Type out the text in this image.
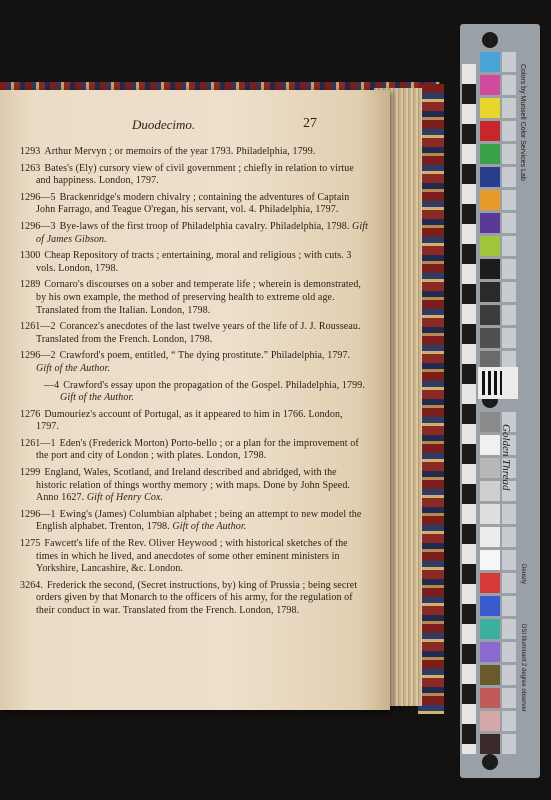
Duodecimo.	27
1293 Arthur Mervyn ; or memoirs of the year 1793. Philadelphia, 1799.
1263 Bates's (Ely) cursory view of civil government ; chiefly in relation to virtue and happiness. London, 1797.
1296—5 Brackenridge's modern chivalry ; containing the adventures of Captain John Farrago, and Teague O'regan, his servant, vol. 4. Philadelphia, 1797.
1296—3 Bye-laws of the first troop of Philadelphia cavalry. Philadelphia, 1798. Gift of James Gibson.
1300 Cheap Repository of tracts ; entertaining, moral and religious ; with cuts. 3 vols. London, 1798.
1289 Cornaro's discourses on a sober and temperate life ; wherein is demonstrated, by his own example, the method of preserving health to extreme old age. Translated from the Italian. London, 1798.
1261—2 Corancez's anecdotes of the last twelve years of the life of J. J. Rousseau. Translated from the French. London, 1798.
1296—2 Crawford's poem, entitled, “ The dying prostitute.” Philadelphia, 1797. Gift of the Author.
—4 Crawford's essay upon the propagation of the Gospel. Philadelphia, 1799. Gift of the Author.
1276 Dumouriez's account of Portugal, as it appeared to him in 1766. London, 1797.
1261—1 Eden's (Frederick Morton) Porto-bello ; or a plan for the improvement of the port and city of London ; with plates. London, 1798.
1299 England, Wales, Scotland, and Ireland described and abridged, with the historic relation of things worthy memory ; with maps. Done by John Speed. Anno 1627. Gift of Henry Cox.
1296—1 Ewing's (James) Columbian alphabet ; being an attempt to new model the English alphabet. Trenton, 1798. Gift of the Author.
1275 Fawcett's life of the Rev. Oliver Heywood ; with historical sketches of the times in which he lived, and anecdotes of some other eminent ministers in Yorkshire, Lancashire, &c. London.
3264. Frederick the second, (Secret instructions, by) king of Prussia ; being secret orders given by that Monarch to the officers of his army, for the regulation of their conduct in war. Translated from the French. London, 1798.
Colors by Munsell Color Services Lab
Golden Thread
Density
DSI Illuminant 2 degree observer
